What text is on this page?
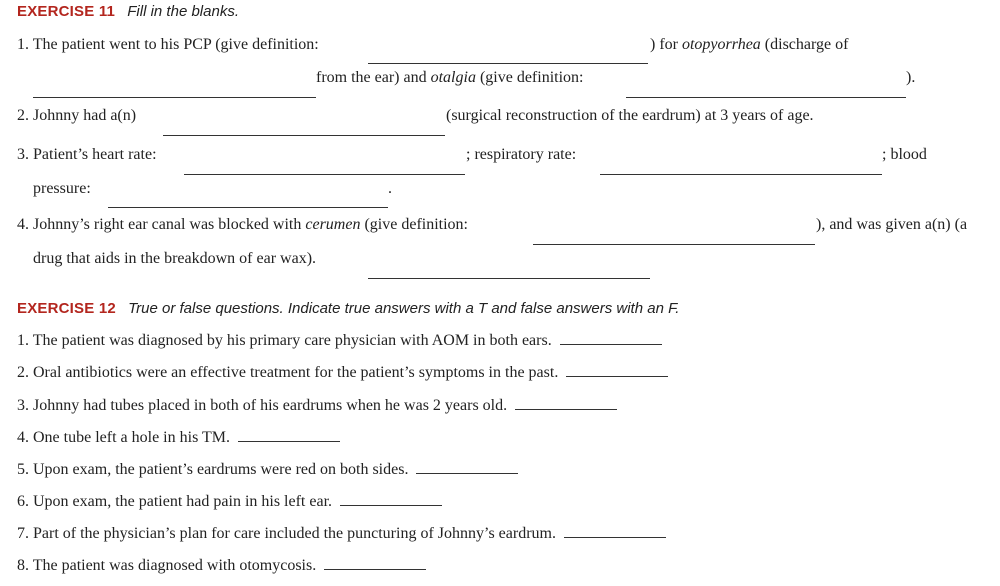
EXERCISE 11 Fill in the blanks.
1. The patient went to his PCP (give definition:	) for otopyorrhea (discharge of
from the ear) and otalgia (give definition:	).
2. Johnny had a(n)	(surgical reconstruction of the eardrum) at 3 years of age.
3. Patient’s heart rate:	; respiratory rate:	; blood
pressure:	.
4. Johnny’s right ear canal was blocked with cerumen (give definition:	), and was given a(n) (a
drug that aids in the breakdown of ear wax).
EXERCISE 12 True or false questions. Indicate true answers with a T and false answers with an F.
1. The patient was diagnosed by his primary care physician with AOM in both ears.
2. Oral antibiotics were an effective treatment for the patient’s symptoms in the past.
3. Johnny had tubes placed in both of his eardrums when he was 2 years old.
4. One tube left a hole in his TM.
5. Upon exam, the patient’s eardrums were red on both sides.
6. Upon exam, the patient had pain in his left ear.
7. Part of the physician’s plan for care included the puncturing of Johnny’s eardrum.
8. The patient was diagnosed with otomycosis.
